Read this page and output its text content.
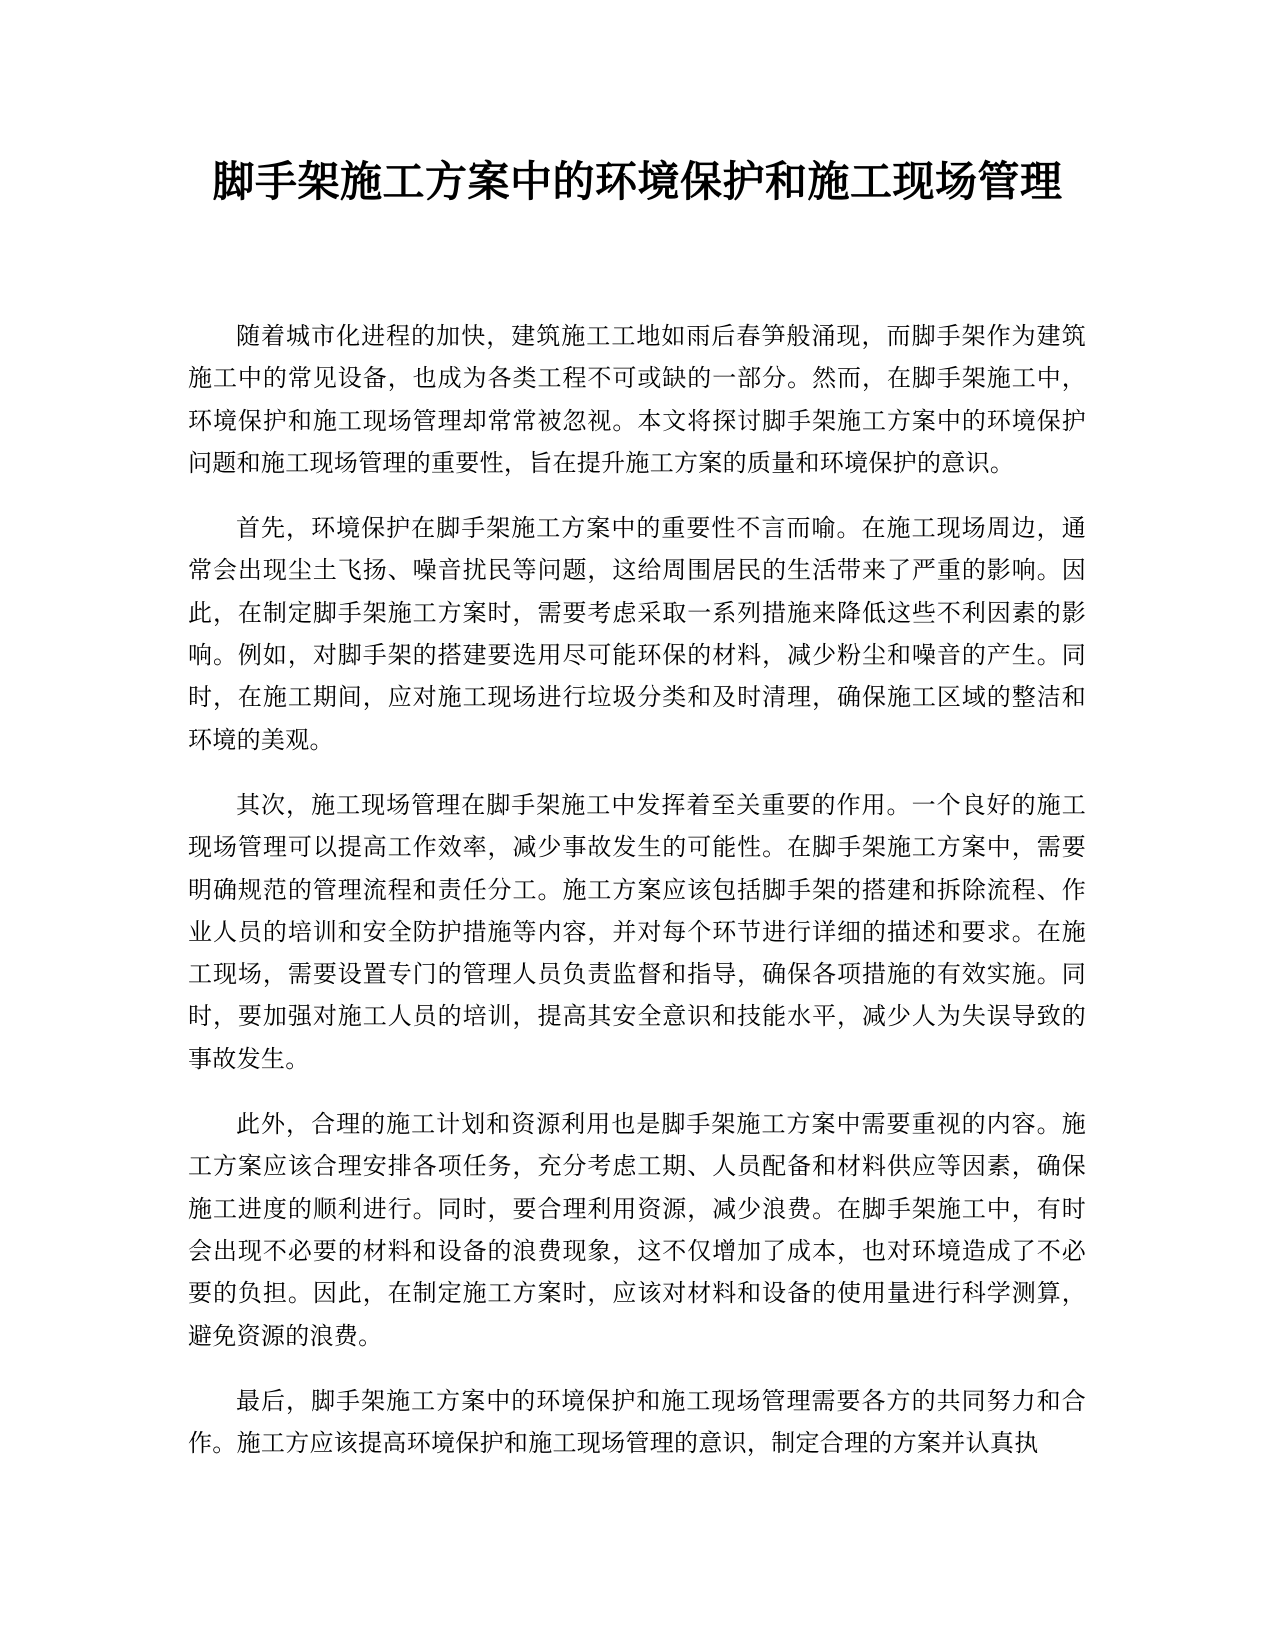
脚手架施工方案中的环境保护和施工现场管理

随着城市化进程的加快，建筑施工工地如雨后春笋般涌现，而脚手架作为建筑施工中的常见设备，也成为各类工程不可或缺的一部分。然而，在脚手架施工中，环境保护和施工现场管理却常常被忽视。本文将探讨脚手架施工方案中的环境保护问题和施工现场管理的重要性，旨在提升施工方案的质量和环境保护的意识。

首先，环境保护在脚手架施工方案中的重要性不言而喻。在施工现场周边，通常会出现尘土飞扬、噪音扰民等问题，这给周围居民的生活带来了严重的影响。因此，在制定脚手架施工方案时，需要考虑采取一系列措施来降低这些不利因素的影响。例如，对脚手架的搭建要选用尽可能环保的材料，减少粉尘和噪音的产生。同时，在施工期间，应对施工现场进行垃圾分类和及时清理，确保施工区域的整洁和环境的美观。

其次，施工现场管理在脚手架施工中发挥着至关重要的作用。一个良好的施工现场管理可以提高工作效率，减少事故发生的可能性。在脚手架施工方案中，需要明确规范的管理流程和责任分工。施工方案应该包括脚手架的搭建和拆除流程、作业人员的培训和安全防护措施等内容，并对每个环节进行详细的描述和要求。在施工现场，需要设置专门的管理人员负责监督和指导，确保各项措施的有效实施。同时，要加强对施工人员的培训，提高其安全意识和技能水平，减少人为失误导致的事故发生。

此外，合理的施工计划和资源利用也是脚手架施工方案中需要重视的内容。施工方案应该合理安排各项任务，充分考虑工期、人员配备和材料供应等因素，确保施工进度的顺利进行。同时，要合理利用资源，减少浪费。在脚手架施工中，有时会出现不必要的材料和设备的浪费现象，这不仅增加了成本，也对环境造成了不必要的负担。因此，在制定施工方案时，应该对材料和设备的使用量进行科学测算，避免资源的浪费。

最后，脚手架施工方案中的环境保护和施工现场管理需要各方的共同努力和合作。施工方应该提高环境保护和施工现场管理的意识，制定合理的方案并认真执
